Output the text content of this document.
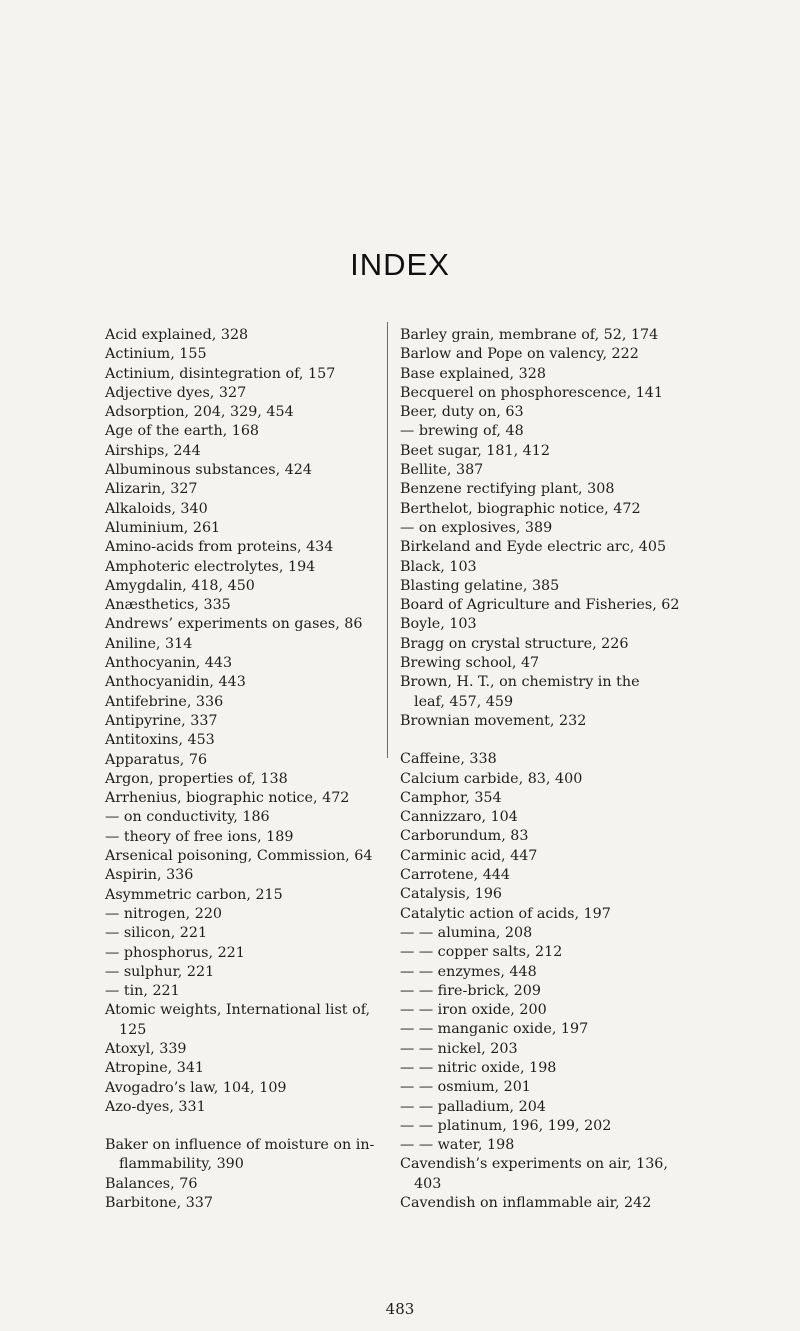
INDEX
Acid explained, 328
Actinium, 155
Actinium, disintegration of, 157
Adjective dyes, 327
Adsorption, 204, 329, 454
Age of the earth, 168
Airships, 244
Albuminous substances, 424
Alizarin, 327
Alkaloids, 340
Aluminium, 261
Amino-acids from proteins, 434
Amphoteric electrolytes, 194
Amygdalin, 418, 450
Anæsthetics, 335
Andrews’ experiments on gases, 86
Aniline, 314
Anthocyanin, 443
Anthocyanidin, 443
Antifebrine, 336
Antipyrine, 337
Antitoxins, 453
Apparatus, 76
Argon, properties of, 138
Arrhenius, biographic notice, 472
— on conductivity, 186
— theory of free ions, 189
Arsenical poisoning, Commission, 64
Aspirin, 336
Asymmetric carbon, 215
— nitrogen, 220
— silicon, 221
— phosphorus, 221
— sulphur, 221
— tin, 221
Atomic weights, International list of,
125
Atoxyl, 339
Atropine, 341
Avogadro’s law, 104, 109
Azo-dyes, 331
Baker on influence of moisture on in-
flammability, 390
Balances, 76
Barbitone, 337
Barley grain, membrane of, 52, 174
Barlow and Pope on valency, 222
Base explained, 328
Becquerel on phosphorescence, 141
Beer, duty on, 63
— brewing of, 48
Beet sugar, 181, 412
Bellite, 387
Benzene rectifying plant, 308
Berthelot, biographic notice, 472
— on explosives, 389
Birkeland and Eyde electric arc, 405
Black, 103
Blasting gelatine, 385
Board of Agriculture and Fisheries, 62
Boyle, 103
Bragg on crystal structure, 226
Brewing school, 47
Brown, H. T., on chemistry in the
leaf, 457, 459
Brownian movement, 232
Caffeine, 338
Calcium carbide, 83, 400
Camphor, 354
Cannizzaro, 104
Carborundum, 83
Carminic acid, 447
Carrotene, 444
Catalysis, 196
Catalytic action of acids, 197
— — alumina, 208
— — copper salts, 212
— — enzymes, 448
— — fire-brick, 209
— — iron oxide, 200
— — manganic oxide, 197
— — nickel, 203
— — nitric oxide, 198
— — osmium, 201
— — palladium, 204
— — platinum, 196, 199, 202
— — water, 198
Cavendish’s experiments on air, 136,
403
Cavendish on inflammable air, 242
483
